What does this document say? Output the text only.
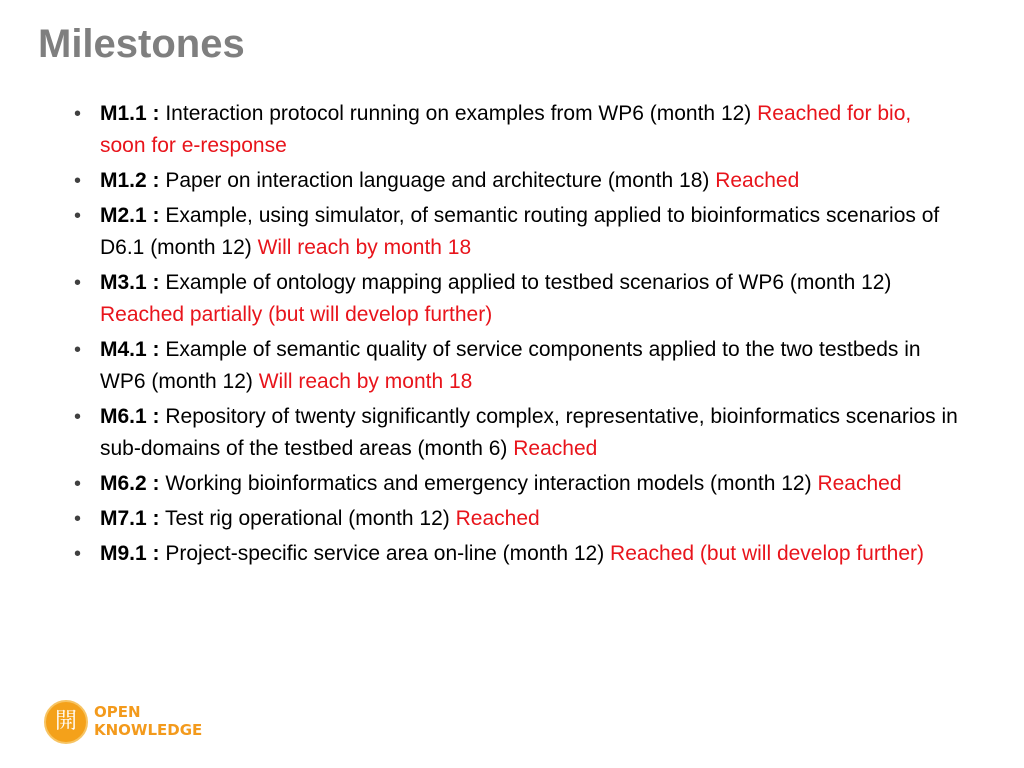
Milestones
• M1.1 : Interaction protocol running on examples from WP6 (month 12) Reached for bio, soon for e-response
• M1.2 : Paper on interaction language and architecture (month 18) Reached
• M2.1 : Example, using simulator, of semantic routing applied to bioinformatics scenarios of D6.1 (month 12) Will reach by month 18
• M3.1 : Example of ontology mapping applied to testbed scenarios of WP6 (month 12) Reached partially (but will develop further)
• M4.1 : Example of semantic quality of service components applied to the two testbeds in WP6 (month 12) Will reach by month 18
• M6.1 : Repository of twenty significantly complex, representative, bioinformatics scenarios in sub-domains of the testbed areas (month 6) Reached
• M6.2 : Working bioinformatics and emergency interaction models (month 12) Reached
• M7.1 : Test rig operational (month 12) Reached
• M9.1 : Project-specific service area on-line (month 12) Reached (but will develop further)
開	OPEN
KNOWLEDGE
